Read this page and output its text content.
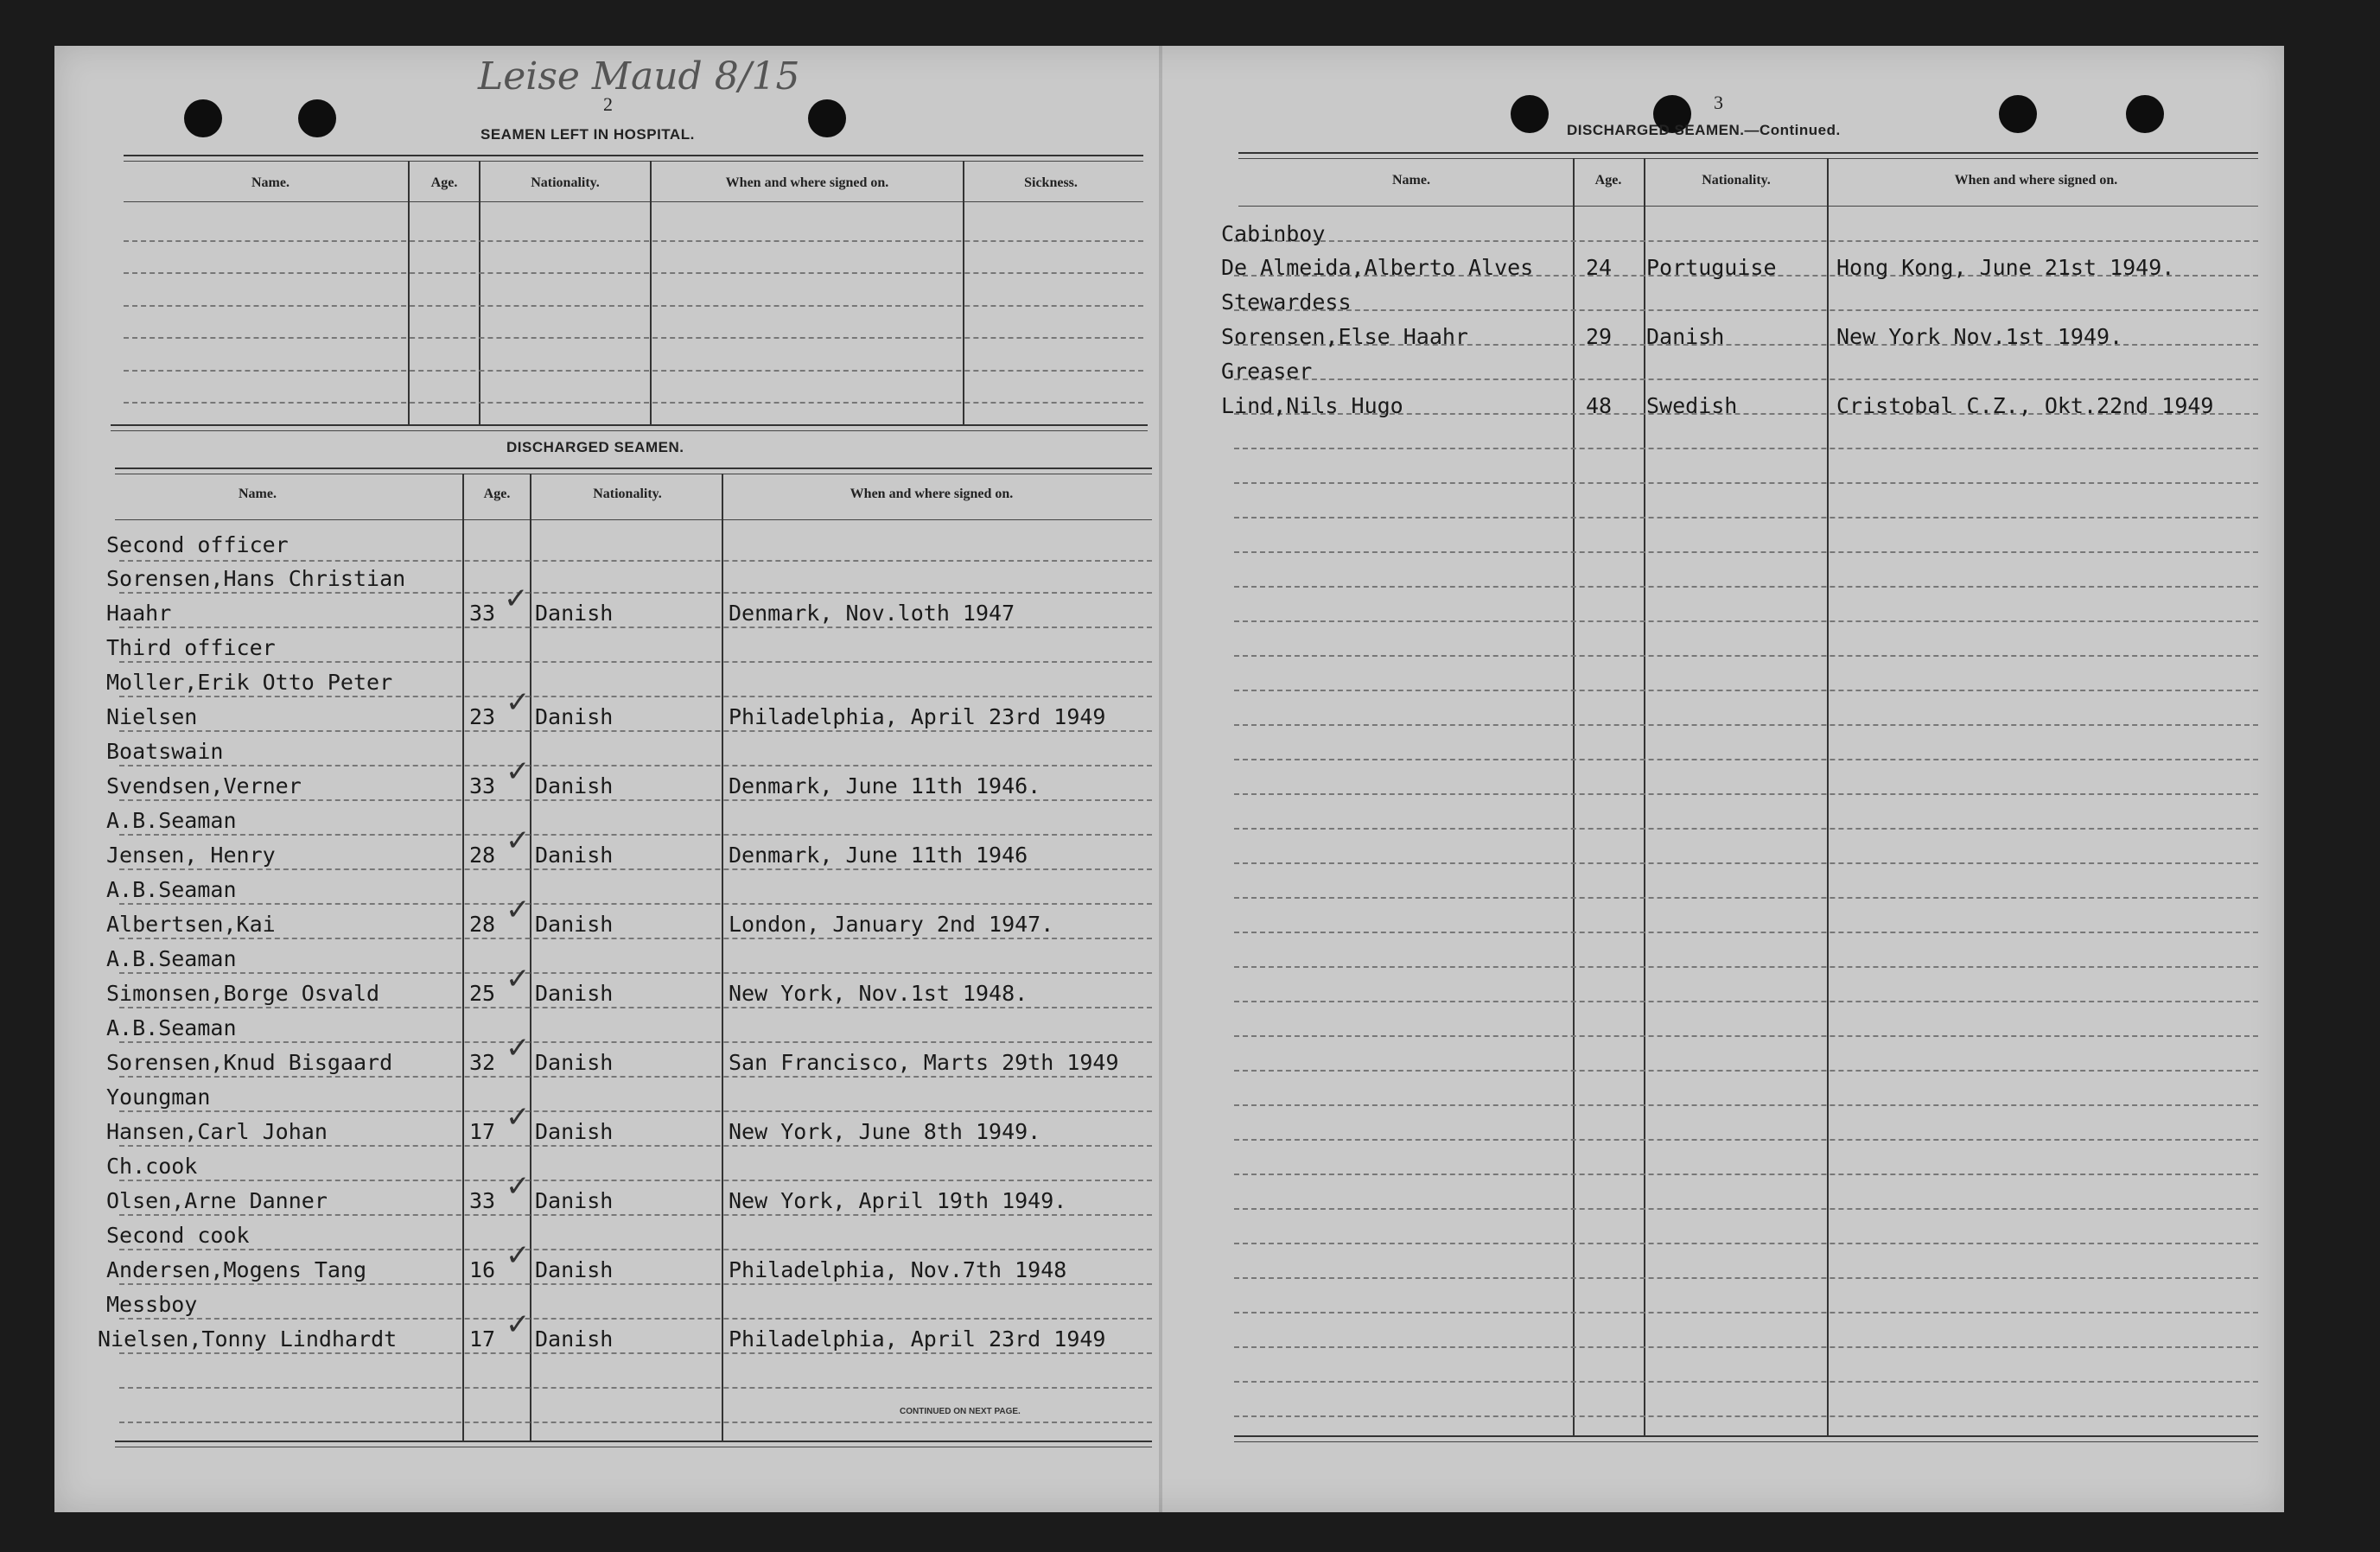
Leise Maud 8/15
2
SEAMEN LEFT IN HOSPITAL.
Name.	Age.	Nationality.	When and where signed on.	Sickness.
DISCHARGED SEAMEN.
Name.	Age.	Nationality.	When and where signed on.
Second officer
Sorensen,Hans Christian
Haahr	33 Danish	Denmark, Nov.loth 1947
✓
Third officer
Moller,Erik Otto Peter
Nielsen	23 Danish	Philadelphia, April 23rd 1949
✓
Boatswain
Svendsen,Verner	33 Danish	Denmark, June 11th 1946.
✓
A.B.Seaman
Jensen, Henry	28 Danish	Denmark, June 11th 1946
✓
A.B.Seaman
Albertsen,Kai	28 Danish	London, January 2nd 1947.
✓
A.B.Seaman
Simonsen,Borge Osvald	25 Danish	New York, Nov.1st 1948.
✓
A.B.Seaman
Sorensen,Knud Bisgaard	32 Danish	San Francisco, Marts 29th 1949
✓
Youngman
Hansen,Carl Johan	17 Danish	New York, June 8th 1949.
✓
Ch.cook
Olsen,Arne Danner	33 Danish	New York, April 19th 1949.
✓
Second cook
Andersen,Mogens Tang	16 Danish	Philadelphia, Nov.7th 1948
✓
Messboy
Nielsen,Tonny Lindhardt	17 Danish	Philadelphia, April 23rd 1949
✓
CONTINUED ON NEXT PAGE.
3
DISCHARGED SEAMEN.—Continued.
Name.	Age.	Nationality.	When and where signed on.
Cabinboy
De Almeida,Alberto Alves 24 Portuguise	Hong Kong, June 21st 1949.
Stewardess
Sorensen,Else Haahr	29 Danish	New York Nov.1st 1949.
Greaser
Lind,Nils Hugo	48 Swedish	Cristobal C.Z., Okt.22nd 1949
